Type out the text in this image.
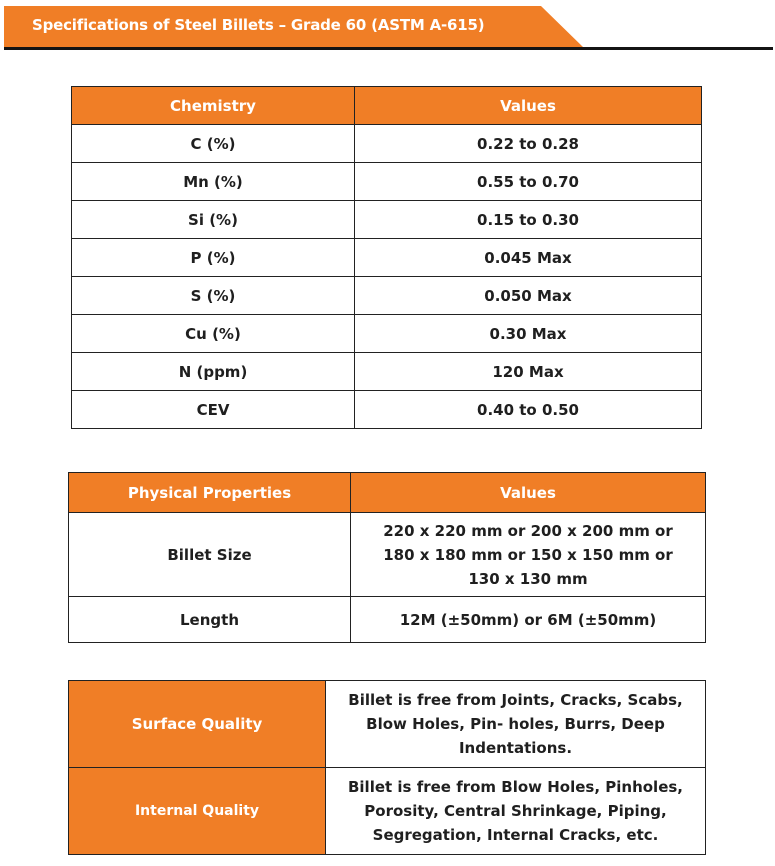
Specifications of Steel Billets – Grade 60 (ASTM A-615)
Chemistry	Values
C (%)	0.22 to 0.28
Mn (%)	0.55 to 0.70
Si (%)	0.15 to 0.30
P (%)	0.045 Max
S (%)	0.050 Max
Cu (%)	0.30 Max
N (ppm)	120 Max
CEV	0.40 to 0.50
Physical Properties	Values
Billet Size	220 x 220 mm or 200 x 200 mm or
180 x 180 mm or 150 x 150 mm or
130 x 130 mm

Length	12M (±50mm) or 6M (±50mm)
Surface Quality	Billet is free from Joints, Cracks, Scabs,
Blow Holes, Pin- holes, Burrs, Deep
Indentations.

Internal Quality	Billet is free from Blow Holes, Pinholes,
Porosity, Central Shrinkage, Piping,
Segregation, Internal Cracks, etc.
